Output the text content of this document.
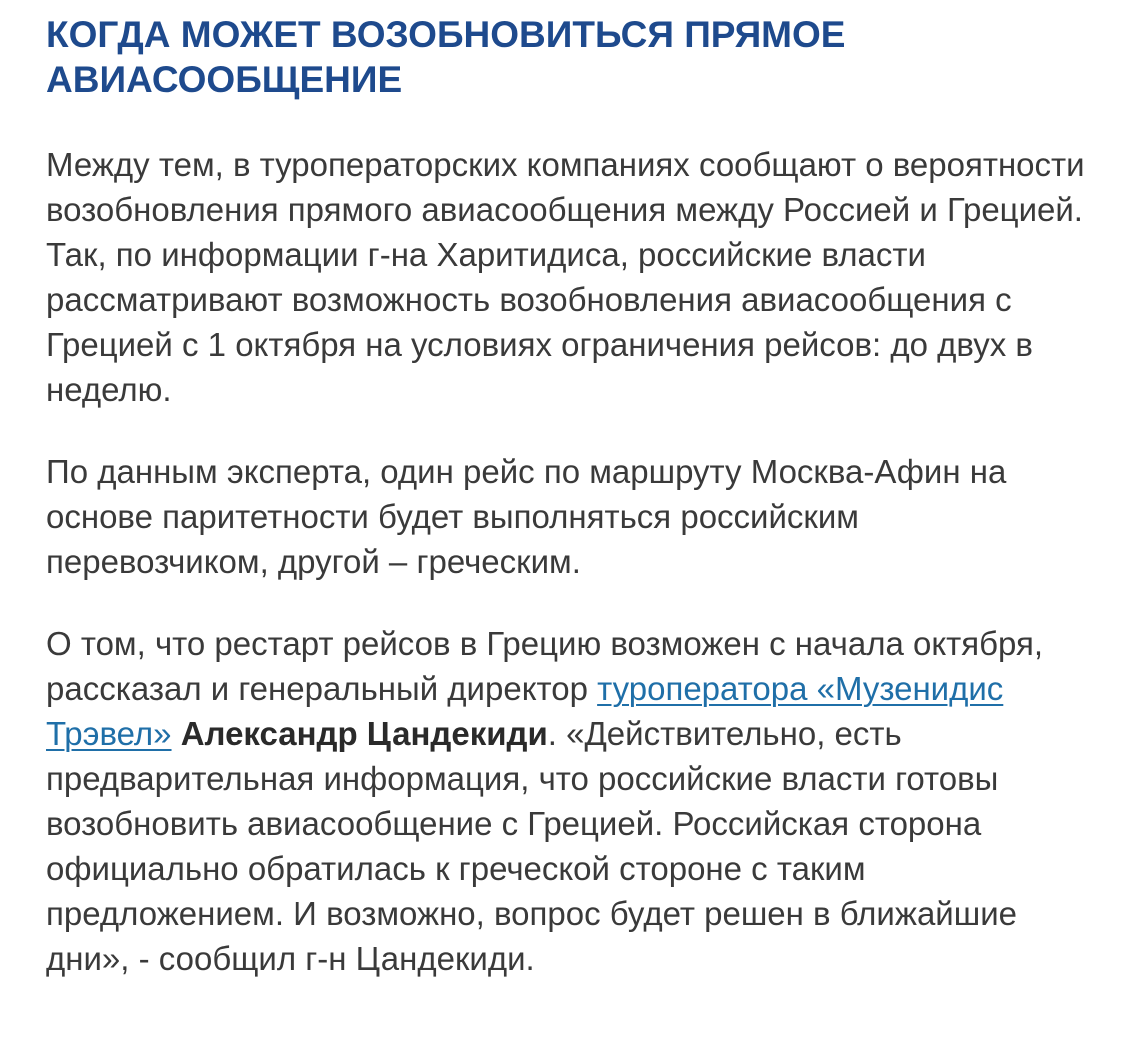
КОГДА МОЖЕТ ВОЗОБНОВИТЬСЯ ПРЯМОЕ АВИАСООБЩЕНИЕ

Между тем, в туроператорских компаниях сообщают о вероятности возобновления прямого авиасообщения между Россией и Грецией. Так, по информации г-на Харитидиса, российские власти рассматривают возможность возобновления авиасообщения с Грецией с 1 октября на условиях ограничения рейсов: до двух в неделю.

По данным эксперта, один рейс по маршруту Москва-Афин на основе паритетности будет выполняться российским перевозчиком, другой – греческим.

О том, что рестарт рейсов в Грецию возможен с начала октября, рассказал и генеральный директор туроператора «Музенидис Трэвел» Александр Цандекиди. «Действительно, есть предварительная информация, что российские власти готовы возобновить авиасообщение с Грецией. Российская сторона официально обратилась к греческой стороне с таким предложением. И возможно, вопрос будет решен в ближайшие дни», - сообщил г-н Цандекиди.
